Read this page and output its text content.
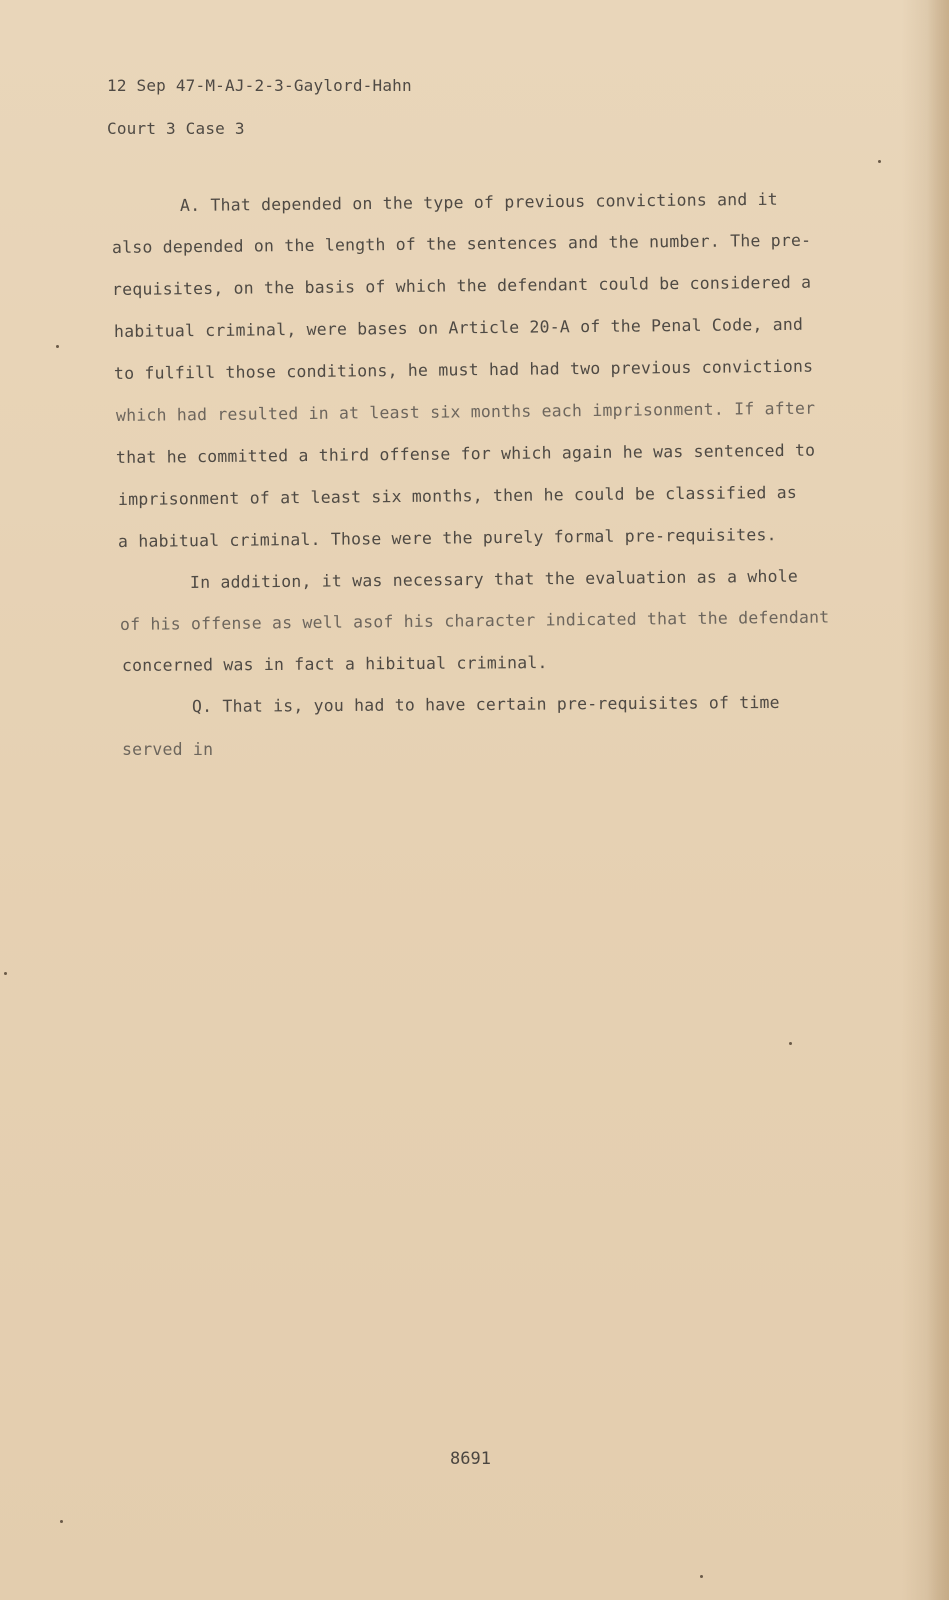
12 Sep 47-M-AJ-2-3-Gaylord-Hahn
Court 3 Case 3
A. That depended on the type of previous convictions and it
also depended on the length of the sentences and the number. The pre-
requisites, on the basis of which the defendant could be considered a
habitual criminal, were bases on Article 20-A of the Penal Code, and
to fulfill those conditions, he must had had two previous convictions
which had resulted in at least six months each imprisonment. If after
that he committed a third offense for which again he was sentenced to
imprisonment of at least six months, then he could be classified as
a habitual criminal. Those were the purely formal pre-requisites.
In addition, it was necessary that the evaluation as a whole
of his offense as well asof his character indicated that the defendant
concerned was in fact a hibitual criminal.
Q. That is, you had to have certain pre-requisites of time
served in
8691
